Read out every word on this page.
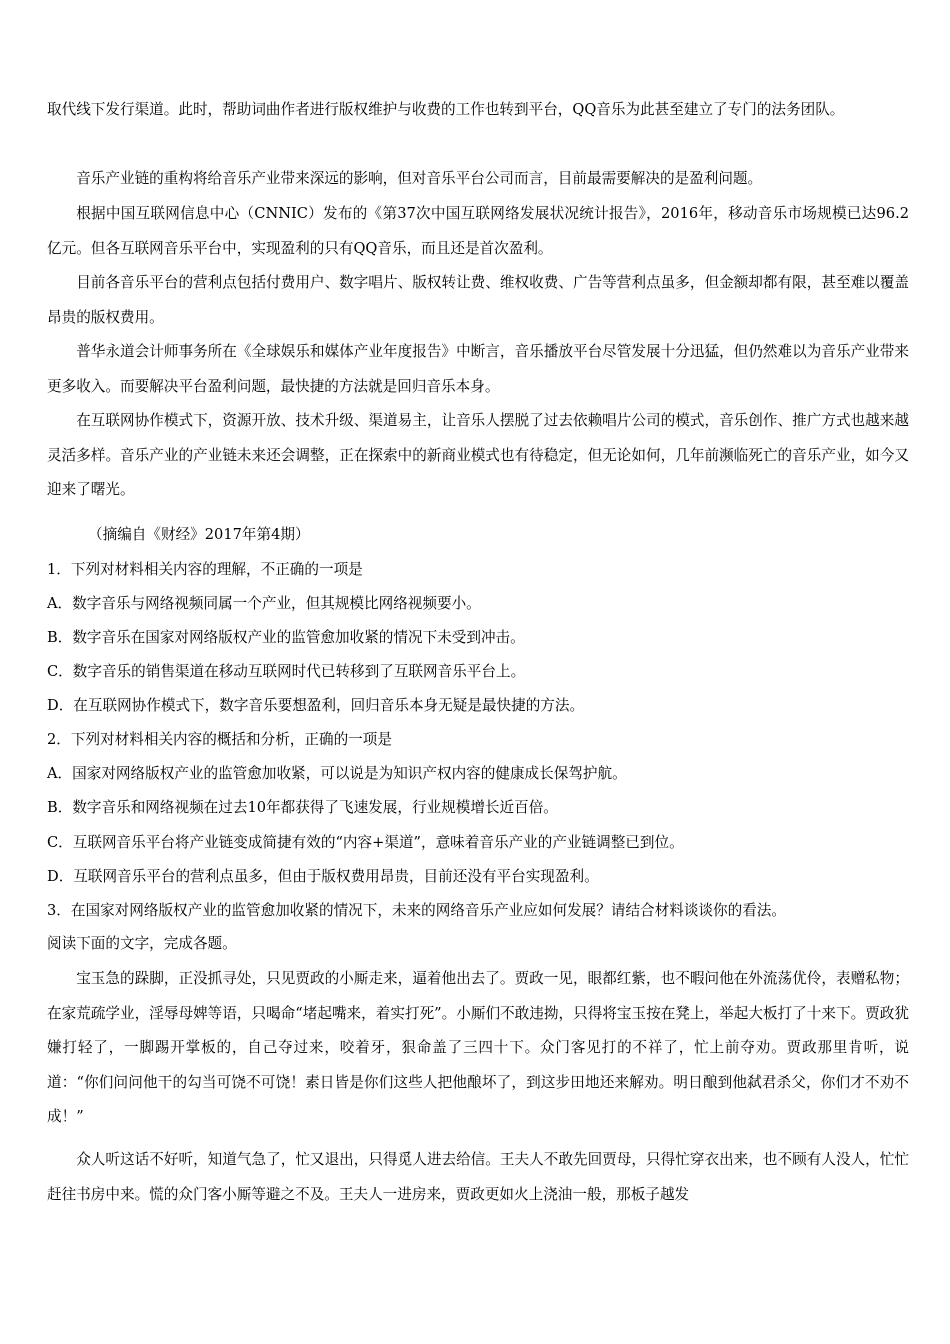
取代线下发行渠道。此时，帮助词曲作者进行版权维护与收费的工作也转到平台，QQ音乐为此甚至建立了专门的法务团队。

音乐产业链的重构将给音乐产业带来深远的影响，但对音乐平台公司而言，目前最需要解决的是盈利问题。

根据中国互联网信息中心（CNNIC）发布的《第37次中国互联网络发展状况统计报告》，2016年，移动音乐市场规模已达96.2亿元。但各互联网音乐平台中，实现盈利的只有QQ音乐，而且还是首次盈利。

目前各音乐平台的营利点包括付费用户、数字唱片、版权转让费、维权收费、广告等营利点虽多，但金额却都有限，甚至难以覆盖昂贵的版权费用。

普华永道会计师事务所在《全球娱乐和媒体产业年度报告》中断言，音乐播放平台尽管发展十分迅猛，但仍然难以为音乐产业带来更多收入。而要解决平台盈利问题，最快捷的方法就是回归音乐本身。

在互联网协作模式下，资源开放、技术升级、渠道易主，让音乐人摆脱了过去依赖唱片公司的模式，音乐创作、推广方式也越来越灵活多样。音乐产业的产业链未来还会调整，正在探索中的新商业模式也有待稳定，但无论如何，几年前濒临死亡的音乐产业，如今又迎来了曙光。

（摘编自《财经》2017年第4期）

1．下列对材料相关内容的理解，不正确的一项是

A．数字音乐与网络视频同属一个产业，但其规模比网络视频要小。

B．数字音乐在国家对网络版权产业的监管愈加收紧的情况下未受到冲击。

C．数字音乐的销售渠道在移动互联网时代已转移到了互联网音乐平台上。

D．在互联网协作模式下，数字音乐要想盈利，回归音乐本身无疑是最快捷的方法。

2．下列对材料相关内容的概括和分析，正确的一项是

A．国家对网络版权产业的监管愈加收紧，可以说是为知识产权内容的健康成长保驾护航。

B．数字音乐和网络视频在过去10年都获得了飞速发展，行业规模增长近百倍。

C．互联网音乐平台将产业链变成简捷有效的“内容+渠道”，意味着音乐产业的产业链调整已到位。

D．互联网音乐平台的营利点虽多，但由于版权费用昂贵，目前还没有平台实现盈利。

3．在国家对网络版权产业的监管愈加收紧的情况下，未来的网络音乐产业应如何发展？请结合材料谈谈你的看法。

阅读下面的文字，完成各题。

宝玉急的跺脚，正没抓寻处，只见贾政的小厮走来，逼着他出去了。贾政一见，眼都红紫，也不暇问他在外流荡优伶，表赠私物；在家荒疏学业，淫辱母婢等语，只喝命“堵起嘴来，着实打死”。小厮们不敢违拗，只得将宝玉按在凳上，举起大板打了十来下。贾政犹嫌打轻了，一脚踢开掌板的，自己夺过来，咬着牙，狠命盖了三四十下。众门客见打的不祥了，忙上前夺劝。贾政那里肯听，说道：“你们问问他干的勾当可饶不可饶！素日皆是你们这些人把他酿坏了，到这步田地还来解劝。明日酿到他弑君杀父，你们才不劝不成！”

众人听这话不好听，知道气急了，忙又退出，只得觅人进去给信。王夫人不敢先回贾母，只得忙穿衣出来，也不顾有人没人，忙忙赶往书房中来。慌的众门客小厮等避之不及。王夫人一进房来，贾政更如火上浇油一般，那板子越发
